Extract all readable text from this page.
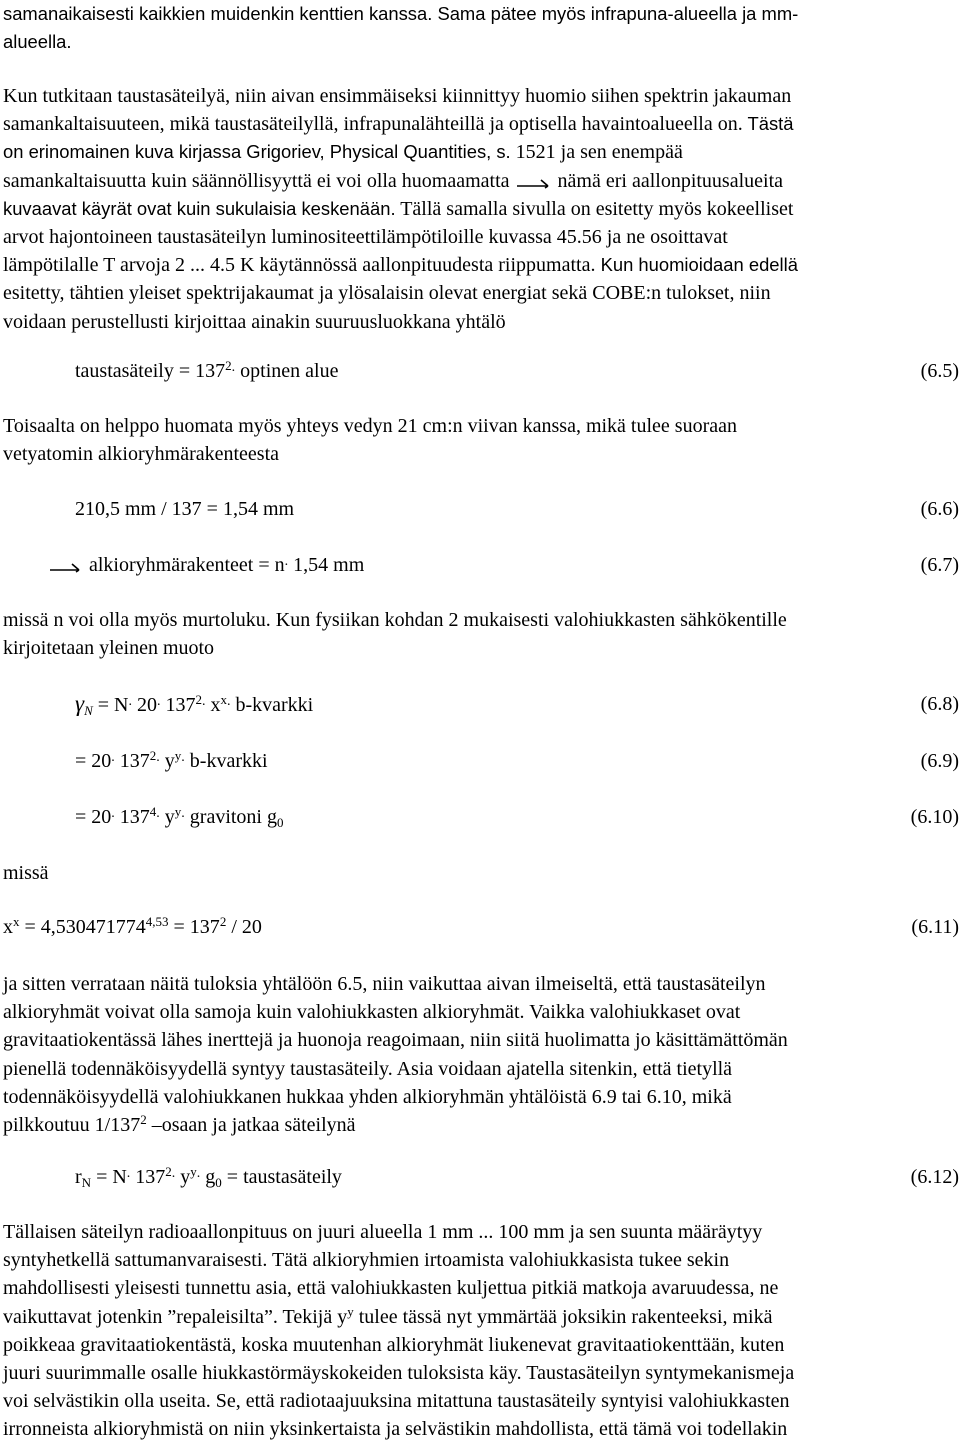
samanaikaisesti kaikkien muidenkin kenttien kanssa. Sama pätee myös infrapuna-alueella ja mm-
alueella.
Kun tutkitaan taustasäteilyä, niin aivan ensimmäiseksi kiinnittyy huomio siihen spektrin jakauman
samankaltaisuuteen, mikä taustasäteilyllä, infrapunalähteillä ja optisella havaintoalueella on. Tästä
on erinomainen kuva kirjassa Grigoriev, Physical Quantities, s. 1521 ja sen enempää
samankaltaisuutta kuin säännöllisyyttä ei voi olla huomaamatta  nämä eri aallonpituusalueita
kuvaavat käyrät ovat kuin sukulaisia keskenään. Tällä samalla sivulla on esitetty myös kokeelliset
arvot hajontoineen taustasäteilyn luminositeettilämpötiloille kuvassa 45.56 ja ne osoittavat
lämpötilalle T arvoja 2 ... 4.5 K käytännössä aallonpituudesta riippumatta. Kun huomioidaan edellä
esitetty, tähtien yleiset spektrijakaumat ja ylösalaisin olevat energiat sekä COBE:n tulokset, niin
voidaan perustellusti kirjoittaa ainakin suuruusluokkana yhtälö
taustasäteily = $137^{2.}$ optinen alue	(6.5)
Toisaalta on helppo huomata myös yhteys vedyn 21 cm:n viivan kanssa, mikä tulee suoraan
vetyatomin alkioryhmärakenteesta
210,5 mm / 137 = 1,54 mm	(6.6)
alkioryhmärakenteet = n. 1,54 mm	(6.7)
missä n voi olla myös murtoluku. Kun fysiikan kohdan 2 mukaisesti valohiukkasten sähkökentille
kirjoitetaan yleinen muoto
$\gamma_N = N^.$ 20. $137^{2.}$ $x^{x.}$ b-kvarkki	(6.8)
= 20. $137^{2.}$ $y^{y.}$ b-kvarkki	(6.9)
= 20. $137^{4.}$ $y^{y.}$ gravitoni $g_0$	(6.10)
missä
$x^x = 4,530471774^{4,53} = 137^2 / 20$	(6.11)
ja sitten verrataan näitä tuloksia yhtälöön 6.5, niin vaikuttaa aivan ilmeiseltä, että taustasäteilyn
alkioryhmät voivat olla samoja kuin valohiukkasten alkioryhmät. Vaikka valohiukkaset ovat
gravitaatiokentässä lähes inerttejä ja huonoja reagoimaan, niin siitä huolimatta jo käsittämättömän
pienellä todennäköisyydellä syntyy taustasäteily. Asia voidaan ajatella sitenkin, että tietyllä
todennäköisyydellä valohiukkanen hukkaa yhden alkioryhmän yhtälöistä 6.9 tai 6.10, mikä
pilkkoutuu $1/137^2$ –osaan ja jatkaa säteilynä
$r_N = N^.$ $137^{2.}$ $y^{y.}$ $g_0$ = taustasäteily	(6.12)
Tällaisen säteilyn radioaallonpituus on juuri alueella 1 mm ... 100 mm ja sen suunta määräytyy
syntyhetkellä sattumanvaraisesti. Tätä alkioryhmien irtoamista valohiukkasista tukee sekin
mahdollisesti yleisesti tunnettu asia, että valohiukkasten kuljettua pitkiä matkoja avaruudessa, ne
vaikuttavat jotenkin ”repaleisilta”. Tekijä $y^y$ tulee tässä nyt ymmärtää joksikin rakenteeksi, mikä
poikkeaa gravitaatiokentästä, koska muutenhan alkioryhmät liukenevat gravitaatiokenttään, kuten
juuri suurimmalle osalle hiukkastörmäyskokeiden tuloksista käy. Taustasäteilyn syntymekanismeja
voi selvästikin olla useita. Se, että radiotaajuuksina mitattuna taustasäteily syntyisi valohiukkasten
irronneista alkioryhmistä on niin yksinkertaista ja selvästikin mahdollista, että tämä voi todellakin
